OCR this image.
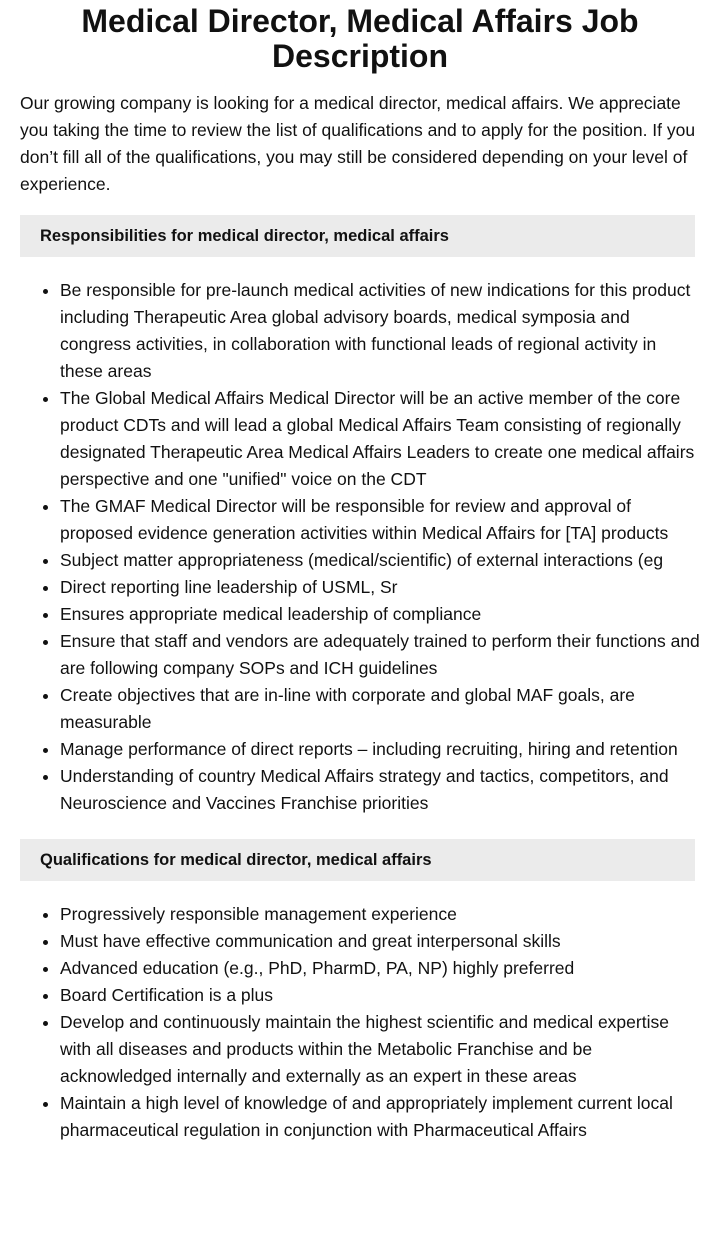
Medical Director, Medical Affairs Job Description

Our growing company is looking for a medical director, medical affairs. We appreciate you taking the time to review the list of qualifications and to apply for the position. If you don’t fill all of the qualifications, you may still be considered depending on your level of experience.

Responsibilities for medical director, medical affairs
• Be responsible for pre-launch medical activities of new indications for this product including Therapeutic Area global advisory boards, medical symposia and congress activities, in collaboration with functional leads of regional activity in these areas
• The Global Medical Affairs Medical Director will be an active member of the core product CDTs and will lead a global Medical Affairs Team consisting of regionally designated Therapeutic Area Medical Affairs Leaders to create one medical affairs perspective and one "unified" voice on the CDT
• The GMAF Medical Director will be responsible for review and approval of proposed evidence generation activities within Medical Affairs for [TA] products
• Subject matter appropriateness (medical/scientific) of external interactions (eg
• Direct reporting line leadership of USML, Sr
• Ensures appropriate medical leadership of compliance
• Ensure that staff and vendors are adequately trained to perform their functions and are following company SOPs and ICH guidelines
• Create objectives that are in-line with corporate and global MAF goals, are measurable
• Manage performance of direct reports – including recruiting, hiring and retention
• Understanding of country Medical Affairs strategy and tactics, competitors, and Neuroscience and Vaccines Franchise priorities
Qualifications for medical director, medical affairs
• Progressively responsible management experience
• Must have effective communication and great interpersonal skills
• Advanced education (e.g., PhD, PharmD, PA, NP) highly preferred
• Board Certification is a plus
• Develop and continuously maintain the highest scientific and medical expertise with all diseases and products within the Metabolic Franchise and be acknowledged internally and externally as an expert in these areas
• Maintain a high level of knowledge of and appropriately implement current local pharmaceutical regulation in conjunction with Pharmaceutical Affairs
